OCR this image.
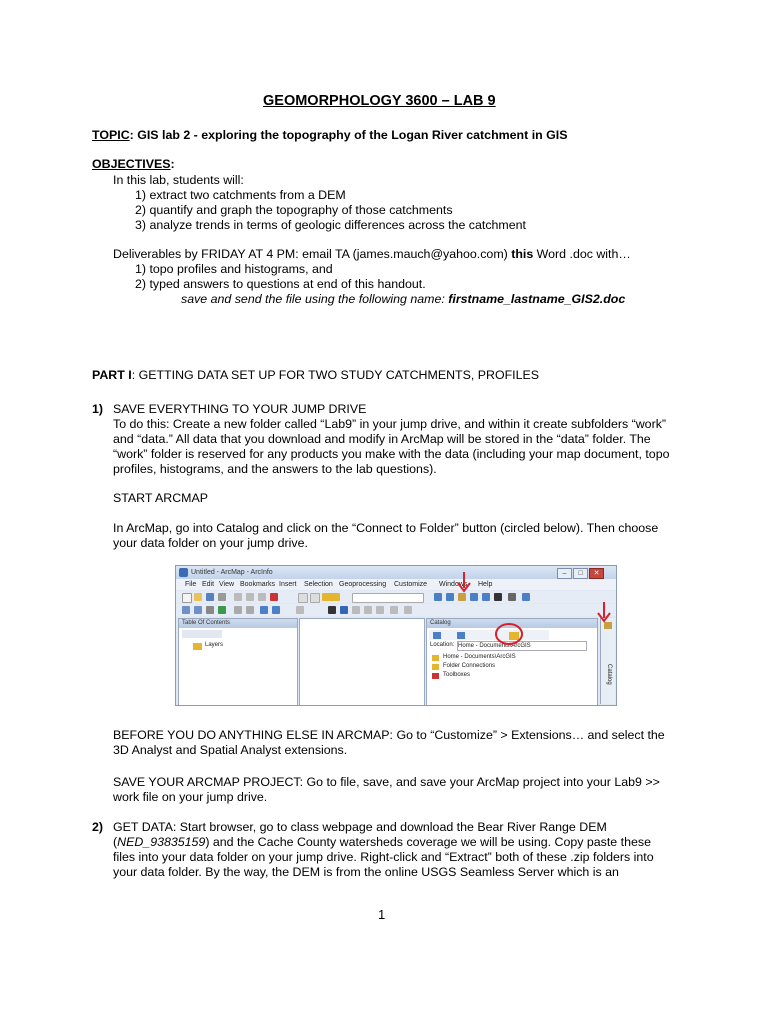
GEOMORPHOLOGY 3600 – LAB 9
TOPIC: GIS lab 2 - exploring the topography of the Logan River catchment in GIS
OBJECTIVES:
In this lab, students will:
1) extract two catchments from a DEM
2) quantify and graph the topography of those catchments
3) analyze trends in terms of geologic differences across the catchment
Deliverables by FRIDAY AT 4 PM: email TA (james.mauch@yahoo.com) this Word .doc with…
1) topo profiles and histograms, and
2) typed answers to questions at end of this handout.
save and send the file using the following name: firstname_lastname_GIS2.doc
PART I: GETTING DATA SET UP FOR TWO STUDY CATCHMENTS, PROFILES
1) SAVE EVERYTHING TO YOUR JUMP DRIVE
To do this: Create a new folder called “Lab9” in your jump drive, and within it create subfolders “work”
and “data.” All data that you download and modify in ArcMap will be stored in the “data” folder. The
“work” folder is reserved for any products you make with the data (including your map document, topo
profiles, histograms, and the answers to the lab questions).
START ARCMAP
In ArcMap, go into Catalog and click on the “Connect to Folder” button (circled below). Then choose
your data folder on your jump drive.
Untitled - ArcMap - ArcInfo	–	□	✕
File Edit View Bookmarks Insert Selection Geoprocessing Customize Windows Help
Table Of Contents
Layers
Catalog
Location: Home - Documents\ArcGIS
Home - Documents\ArcGIS
Folder Connections
Toolboxes	Catalog
BEFORE YOU DO ANYTHING ELSE IN ARCMAP: Go to “Customize” > Extensions… and select the
3D Analyst and Spatial Analyst extensions.
SAVE YOUR ARCMAP PROJECT: Go to file, save, and save your ArcMap project into your Lab9 >>
work file on your jump drive.
2) GET DATA: Start browser, go to class webpage and download the Bear River Range DEM
(NED_93835159) and the Cache County watersheds coverage we will be using. Copy paste these
files into your data folder on your jump drive. Right-click and “Extract” both of these .zip folders into
your data folder. By the way, the DEM is from the online USGS Seamless Server which is an
1
